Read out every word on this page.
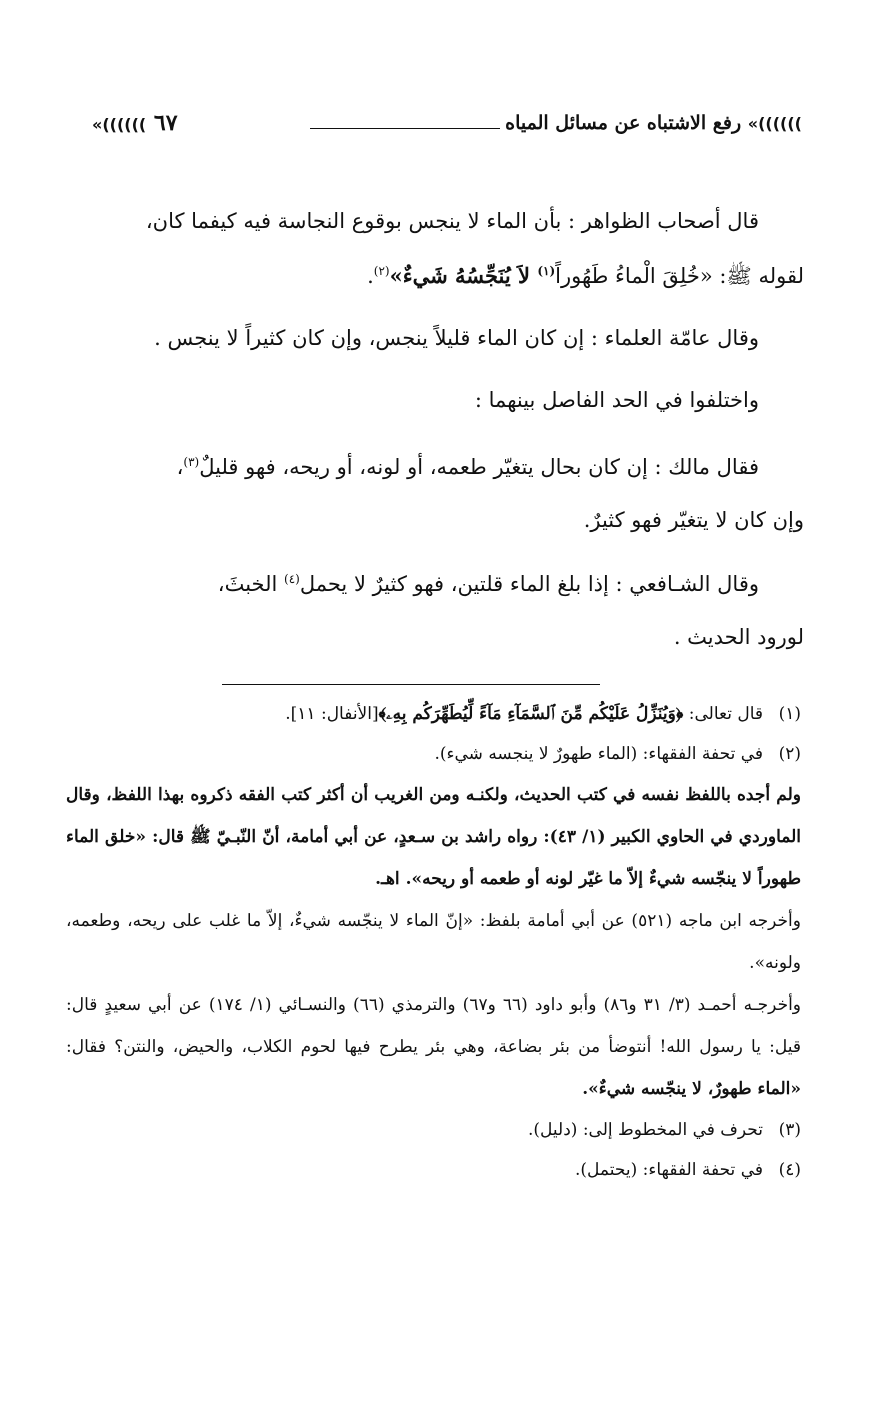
«(((((( ٦٧	))))))» رفع الاشتباه عن مسائل المياه

قال أصحاب الظواهر : بأن الماء لا ينجس بوقوع النجاسة فيه كيفما كان،

لقوله ﷺ: «خُلِقَ الْماءُ طَهُوراً$^{(١)}$ لاَ يُنَجِّسُهُ شَيءٌ»$^{(٢)}$.

وقال عامّة العلماء : إن كان الماء قليلاً ينجس، وإن كان كثيراً لا ينجس .

واختلفوا في الحد الفاصل بينهما :

فقال مالك : إن كان بحال يتغيّر طعمه، أو لونه، أو ريحه، فهو قليلٌ$^{(٣)}$،

وإن كان لا يتغيّر فهو كثيرٌ.

وقال الشـافعي : إذا بلغ الماء قلتين، فهو كثيرٌ لا يحمل$^{(٤)}$ الخبثَ،

لورود الحديث .

(١)قال تعالى: ﴿وَيُنَزِّلُ عَلَيْكُم مِّنَ ٱلسَّمَآءِ مَآءً لِّيُطَهِّرَكُم بِهِۦ﴾[الأنفال: ١١].

(٢)في تحفة الفقهاء: (الماء طهورٌ لا ينجسه شيء).

ولم أجده باللفظ نفسه في كتب الحديث، ولكنـه ومن الغريب أن أكثر كتب الفقه ذكروه بهذا اللفظ، وقال الماوردي في الحاوي الكبير (١/ ٤٣): رواه راشد بن سـعدٍ، عن أبي أمامة، أنّ النّبـيّ ﷺ قال: «خلق الماء طهوراً لا ينجّسه شيءٌ إلاّ ما غيّر لونه أو طعمه أو ريحه». اهـ.

وأخرجه ابن ماجه (٥٢١) عن أبي أمامة بلفظ: «إنّ الماء لا ينجّسه شيءٌ، إلاّ ما غلب على ريحه، وطعمه، ولونه».

وأخرجـه أحمـد (٣/ ٣١ و٨٦) وأبو داود (٦٦ و٦٧) والترمذي (٦٦) والنسـائي (١/ ١٧٤) عن أبي سعيدٍ قال: قيل: يا رسول الله! أنتوضأ من بئر بضاعة، وهي بئر يطرح فيها لحوم الكلاب، والحيض، والنتن؟ فقال: «الماء طهورٌ، لا ينجّسه شيءٌ».

(٣)تحرف في المخطوط إلى: (دليل).

(٤)في تحفة الفقهاء: (يحتمل).
